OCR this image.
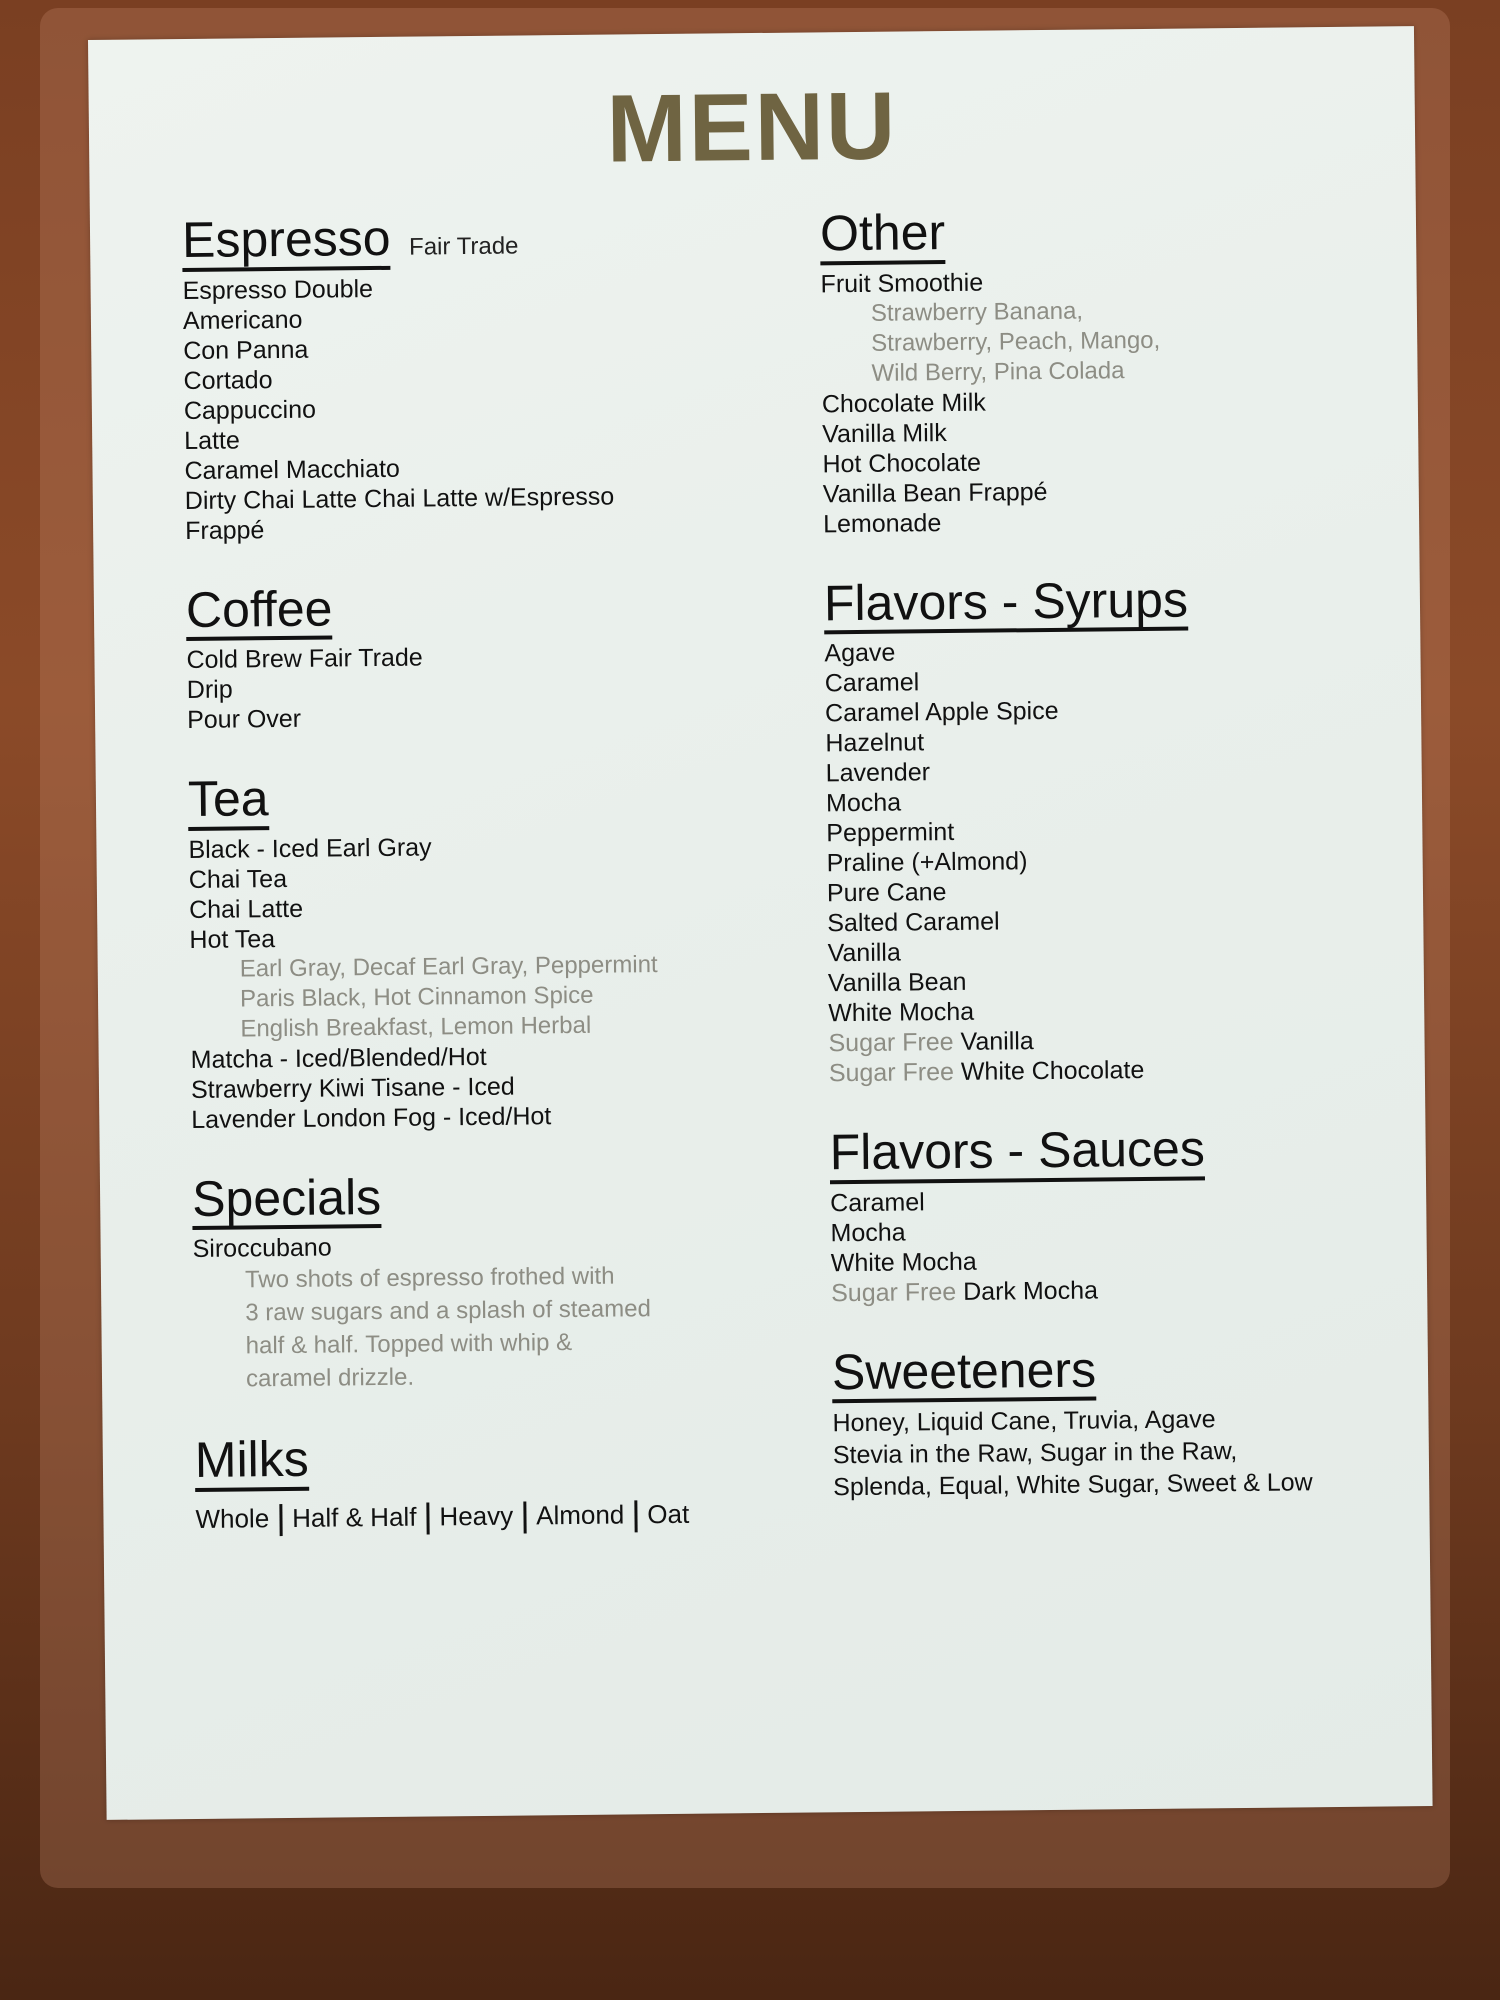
MENU
Espresso Fair Trade
Espresso Double
Americano
Con Panna
Cortado
Cappuccino
Latte
Caramel Macchiato
Dirty Chai Latte Chai Latte w/Espresso
Frappé
Coffee
Cold Brew Fair Trade
Drip
Pour Over
Tea
Black - Iced Earl Gray
Chai Tea
Chai Latte
Hot Tea
Earl Gray, Decaf Earl Gray, Peppermint
Paris Black, Hot Cinnamon Spice
English Breakfast, Lemon Herbal
Matcha - Iced/Blended/Hot
Strawberry Kiwi Tisane - Iced
Lavender London Fog - Iced/Hot
Specials
Siroccubano
Two shots of espresso frothed with
3 raw sugars and a splash of steamed
half & half. Topped with whip &
caramel drizzle.
Milks
Whole Half & Half Heavy Almond Oat
Other
Fruit Smoothie
Strawberry Banana,
Strawberry, Peach, Mango,
Wild Berry, Pina Colada
Chocolate Milk
Vanilla Milk
Hot Chocolate
Vanilla Bean Frappé
Lemonade
Flavors - Syrups
Agave
Caramel
Caramel Apple Spice
Hazelnut
Lavender
Mocha
Peppermint
Praline (+Almond)
Pure Cane
Salted Caramel
Vanilla
Vanilla Bean
White Mocha
Sugar Free Vanilla
Sugar Free White Chocolate
Flavors - Sauces
Caramel
Mocha
White Mocha
Sugar Free Dark Mocha
Sweeteners
Honey, Liquid Cane, Truvia, Agave
Stevia in the Raw, Sugar in the Raw,
Splenda, Equal, White Sugar, Sweet & Low
